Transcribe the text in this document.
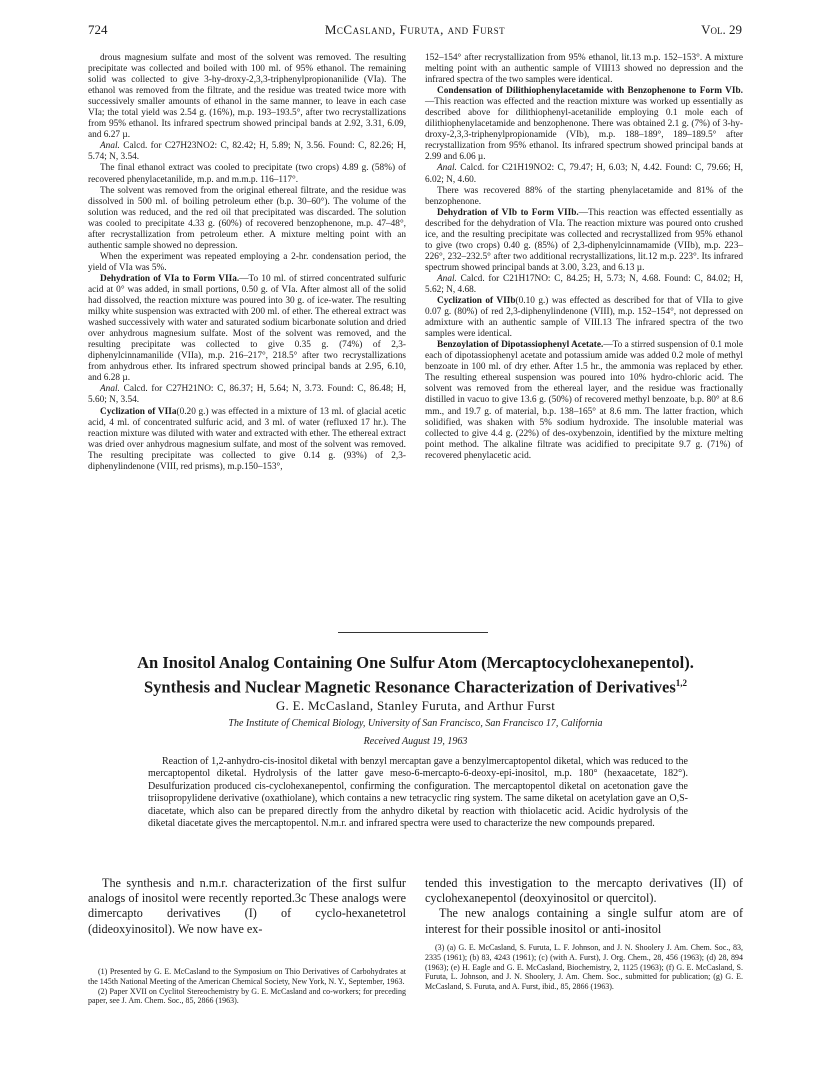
724	McCasland, Furuta, and Furst	Vol. 29

drous magnesium sulfate and most of the solvent was removed. The resulting precipitate was collected and boiled with 100 ml. of 95% ethanol. The remaining solid was collected to give 3-hy-droxy-2,3,3-triphenylpropionanilide (VIa). The ethanol was removed from the filtrate, and the residue was treated twice more with successively smaller amounts of ethanol in the same manner, to leave in each case VIa; the total yield was 2.54 g. (16%), m.p. 193–193.5°, after two recrystallizations from 95% ethanol. Its infrared spectrum showed principal bands at 2.92, 3.31, 6.09, and 6.27 µ.

Anal. Calcd. for C27H23NO2: C, 82.42; H, 5.89; N, 3.56. Found: C, 82.26; H, 5.74; N, 3.54.

The final ethanol extract was cooled to precipitate (two crops) 4.89 g. (58%) of recovered phenylacetanilide, m.p. and m.m.p. 116–117°.

The solvent was removed from the original ethereal filtrate, and the residue was dissolved in 500 ml. of boiling petroleum ether (b.p. 30–60°). The volume of the solution was reduced, and the red oil that precipitated was discarded. The solution was cooled to precipitate 4.33 g. (60%) of recovered benzophenone, m.p. 47–48°, after recrystallization from petroleum ether. A mixture melting point with an authentic sample showed no depression.

When the experiment was repeated employing a 2-hr. condensation period, the yield of VIa was 5%.

Dehydration of VIa to Form VIIa.—To 10 ml. of stirred concentrated sulfuric acid at 0° was added, in small portions, 0.50 g. of VIa. After almost all of the solid had dissolved, the reaction mixture was poured into 30 g. of ice-water. The resulting milky white suspension was extracted with 200 ml. of ether. The ethereal extract was washed successively with water and saturated sodium bicarbonate solution and dried over anhydrous magnesium sulfate. Most of the solvent was removed, and the resulting precipitate was collected to give 0.35 g. (74%) of 2,3-diphenylcinnamanilide (VIIa), m.p. 216–217°, 218.5° after two recrystallizations from anhydrous ether. Its infrared spectrum showed principal bands at 2.95, 6.10, and 6.28 µ.

Anal. Calcd. for C27H21NO: C, 86.37; H, 5.64; N, 3.73. Found: C, 86.48; H, 5.60; N, 3.54.

Cyclization of VIIa(0.20 g.) was effected in a mixture of 13 ml. of glacial acetic acid, 4 ml. of concentrated sulfuric acid, and 3 ml. of water (refluxed 17 hr.). The reaction mixture was diluted with water and extracted with ether. The ethereal extract was dried over anhydrous magnesium sulfate, and most of the solvent was removed. The resulting precipitate was collected to give 0.14 g. (93%) of 2,3-diphenylindenone (VIII, red prisms), m.p.150–153°,

152–154° after recrystallization from 95% ethanol, lit.13 m.p. 152–153°. A mixture melting point with an authentic sample of VIII13 showed no depression and the infrared spectra of the two samples were identical.

Condensation of Dilithiophenylacetamide with Benzophenone to Form VIb.—This reaction was effected and the reaction mixture was worked up essentially as described above for dilithiophenyl-acetanilide employing 0.1 mole each of dilithiophenylacetamide and benzophenone. There was obtained 2.1 g. (7%) of 3-hy-droxy-2,3,3-triphenylpropionamide (VIb), m.p. 188–189°, 189–189.5° after recrystallization from 95% ethanol. Its infrared spectrum showed principal bands at 2.99 and 6.06 µ.

Anal. Calcd. for C21H19NO2: C, 79.47; H, 6.03; N, 4.42. Found: C, 79.66; H, 6.02; N, 4.60.

There was recovered 88% of the starting phenylacetamide and 81% of the benzophenone.

Dehydration of VIb to Form VIIb.—This reaction was effected essentially as described for the dehydration of VIa. The reaction mixture was poured onto crushed ice, and the resulting precipitate was collected and recrystallized from 95% ethanol to give (two crops) 0.40 g. (85%) of 2,3-diphenylcinnamamide (VIIb), m.p. 223–226°, 232–232.5° after two additional recrystallizations, lit.12 m.p. 223°. Its infrared spectrum showed principal bands at 3.00, 3.23, and 6.13 µ.

Anal. Calcd. for C21H17NO: C, 84.25; H, 5.73; N, 4.68. Found: C, 84.02; H, 5.62; N, 4.68.

Cyclization of VIIb(0.10 g.) was effected as described for that of VIIa to give 0.07 g. (80%) of red 2,3-diphenylindenone (VIII), m.p. 152–154°, not depressed on admixture with an authentic sample of VIII.13 The infrared spectra of the two samples were identical.

Benzoylation of Dipotassiophenyl Acetate.—To a stirred suspension of 0.1 mole each of dipotassiophenyl acetate and potassium amide was added 0.2 mole of methyl benzoate in 100 ml. of dry ether. After 1.5 hr., the ammonia was replaced by ether. The resulting ethereal suspension was poured into 10% hydro-chloric acid. The solvent was removed from the ethereal layer, and the residue was fractionally distilled in vacuo to give 13.6 g. (50%) of recovered methyl benzoate, b.p. 80° at 8.6 mm., and 19.7 g. of material, b.p. 138–165° at 8.6 mm. The latter fraction, which solidified, was shaken with 5% sodium hydroxide. The insoluble material was collected to give 4.4 g. (22%) of des-oxybenzoin, identified by the mixture melting point method. The alkaline filtrate was acidified to precipitate 9.7 g. (71%) of recovered phenylacetic acid.

An Inositol Analog Containing One Sulfur Atom (Mercaptocyclohexanepentol).
Synthesis and Nuclear Magnetic Resonance Characterization of Derivatives$^{1,2}$
G. E. McCasland, Stanley Furuta, and Arthur Furst
The Institute of Chemical Biology, University of San Francisco, San Francisco 17, California
Received August 19, 1963

Reaction of 1,2-anhydro-cis-inositol diketal with benzyl mercaptan gave a benzylmercaptopentol diketal, which was reduced to the mercaptopentol diketal. Hydrolysis of the latter gave meso-6-mercapto-6-deoxy-epi-inositol, m.p. 180° (hexaacetate, 182°). Desulfurization produced cis-cyclohexanepentol, confirming the configuration. The mercaptopentol diketal on acetonation gave the triisopropylidene derivative (oxathiolane), which contains a new tetracyclic ring system. The same diketal on acetylation gave an O,S-diacetate, which also can be prepared directly from the anhydro diketal by reaction with thiolacetic acid. Acidic hydrolysis of the diketal diacetate gives the mercaptopentol. N.m.r. and infrared spectra were used to characterize the new compounds prepared.

The synthesis and n.m.r. characterization of the first sulfur analogs of inositol were recently reported.3c These analogs were dimercapto derivatives (I) of cyclo-hexanetetrol (dideoxyinositol). We now have ex-

tended this investigation to the mercapto derivatives (II) of cyclohexanepentol (deoxyinositol or quercitol).

The new analogs containing a single sulfur atom are of interest for their possible inositol or anti-inositol

(1) Presented by G. E. McCasland to the Symposium on Thio Derivatives of Carbohydrates at the 145th National Meeting of the American Chemical Society, New York, N. Y., September, 1963.

(2) Paper XVII on Cyclitol Stereochemistry by G. E. McCasland and co-workers; for preceding paper, see J. Am. Chem. Soc., 85, 2866 (1963).

(3) (a) G. E. McCasland, S. Furuta, L. F. Johnson, and J. N. Shoolery J. Am. Chem. Soc., 83, 2335 (1961); (b) 83, 4243 (1961); (c) (with A. Furst), J. Org. Chem., 28, 456 (1963); (d) 28, 894 (1963); (e) H. Eagle and G. E. McCasland, Biochemistry, 2, 1125 (1963); (f) G. E. McCasland, S. Furuta, L. Johnson, and J. N. Shoolery, J. Am. Chem. Soc., submitted for publication; (g) G. E. McCasland, S. Furuta, and A. Furst, ibid., 85, 2866 (1963).
